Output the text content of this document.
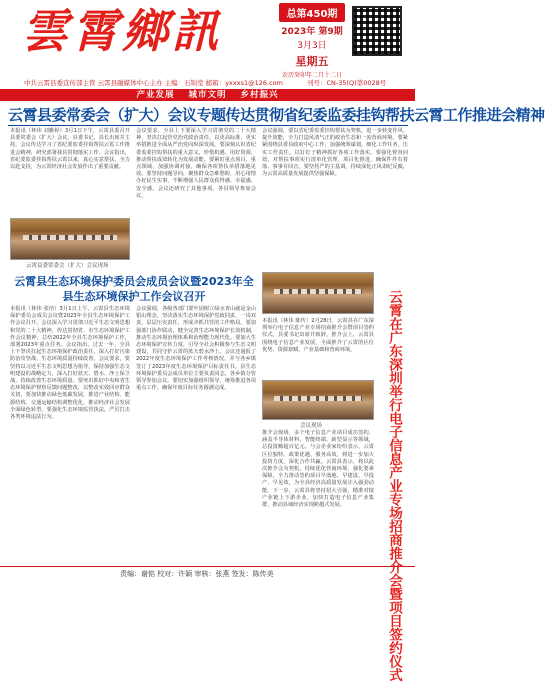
雲霄鄉訊	总第450期
2023年 第9期
3月3日
星期五
农历癸卯年二月十二日
中共云霄县委宣传部主管 云霄县融媒体中心主办 主编：石锦堂 邮箱：yxxxs1@126.com	刊号：CN-35(Q)第0028号
产业发展 城市文明 乡村振兴
云霄县委常委会（扩大）会议专题传达贯彻省纪委监委挂钩帮扶云霄工作推进会精神
本报讯（林伟 刘雅婷）3月1日下午，云霄县委召开县委常委会（扩大）会议，县委书记、县长出席并主持。会议传达学习了省纪委监委挂钩帮扶云霄工作推进会精神，研究部署我县贯彻落实工作。会议指出，省纪委监委挂钩帮扶云霄以来，真心实意帮扶，全力以赴支持，为云霄经济社会发展作出了重要贡献。
云霄县委常委会（扩大）会议现场
会议要求，全县上下要深入学习贯彻党的二十大精神，坚决扛起管党治党政治责任，以更高标准、更实举措推进全面从严治党向纵深发展。要深刻认识省纪委监委挂钩帮扶的重大意义，珍惜机遇、用好资源，推动帮扶成效转化为发展动能。要紧盯重点项目、重点领域，加强协调对接，确保各项帮扶举措落地见效。要坚持问题导向，聚焦群众急难愁盼，用心用情办好民生实事，不断增强人民群众获得感、幸福感、安全感。会议还研究了其他事项。各县领导参加会议。
会议强调，要以省纪委监委挂钩帮扶为契机，进一步转变作风、提升效能，全力打造风清气正的政治生态和一流营商环境。要紧紧围绕县委县政府中心工作，加强统筹谋划，细化工作任务，压实工作责任，以钉钉子精神抓好各项工作落实。要强化督查问效，对帮扶事项实行清单化管理、项目化推进，确保件件有着落、事事有回音。要坚持严的主基调，持续深化正风肃纪反腐，为云霄高质量发展提供坚强保障。
云霄县生态环境保护委员会成员会议暨2023年全县生态环境保护工作会议召开
本报讯（林伟 张培）3月1日上午，云霄县生态环境保护委员会成员会议暨2023年全县生态环境保护工作会议召开。会议深入学习贯彻习近平生态文明思想和党的二十大精神，传达贯彻省、市生态环境保护工作会议精神，总结2022年全县生态环境保护工作，部署2023年重点任务。会议指出，过去一年，全县上下坚决扛起生态环境保护政治责任，深入打好污染防治攻坚战，生态环境质量持续改善。会议要求，要坚持以习近平生态文明思想为指导，保持加强生态文明建设的战略定力，深入打好蓝天、碧水、净土保卫战，持续改善生态环境质量。要突出抓好中央和省生态环境保护督察反馈问题整改，以整改实效回应群众关切。要加快推动绿色低碳发展，推进产业结构、能源结构、交通运输结构调整优化，推动经济社会发展全面绿色转型。要强化生态环境监管执法，严厉打击各类环境违法行为。
会议强调，各级各部门要牢固树立绿水青山就是金山银山理念，坚决落实生态环境保护党政同责、一岗双责，层层压实责任，形成齐抓共管的工作格局。要加强部门协作联动，健全完善生态环境保护长效机制，推动生态环境治理体系和治理能力现代化。要加大生态环境保护宣传力度，引导全社会积极参与生态文明建设，共同守护云霄的蓝天碧水净土。会议还通报了2022年度生态环境保护工作考核情况，并与各乡镇签订了2023年度生态环境保护目标责任书。县生态环境保护委员会成员单位主要负责同志，各乡镇分管领导参加会议。要切实加强组织领导，统筹推进各项重点工作，确保年度目标任务圆满完成。
本报讯（林伟 陈传）2月28日，云霄县在广东深圳举行电子信息产业专场招商推介会暨项目签约仪式。县委书记出席并致辞。推介会上，云霄县围绕电子信息产业发展，全面推介了云霄的区位优势、资源禀赋、产业基础和营商环境。
会议现场
推介会现场，多个电子信息产业项目成功签约，涵盖半导体材料、智能终端、新型显示等领域，总投资额超百亿元。与会企业家纷纷表示，云霄区位独特、政策优越、服务高效，将进一步加大投资力度，深化合作共赢。云霄县表示，将以此次推介会为契机，持续优化营商环境，强化要素保障，全力推动签约项目早落地、早建设、早投产、早见效，为全县经济高质量发展注入强劲动能。下一步，云霄县将坚持招大引强，精准对接产业链上下游企业，加快打造电子信息产业集群，推动县域经济实现跨越式发展。	云霄在广东深圳举行电子信息产业专场招商推介会暨项目签约仪式
责编：谢铭 校对：许颖 审核：张燕 签发：陈传美
